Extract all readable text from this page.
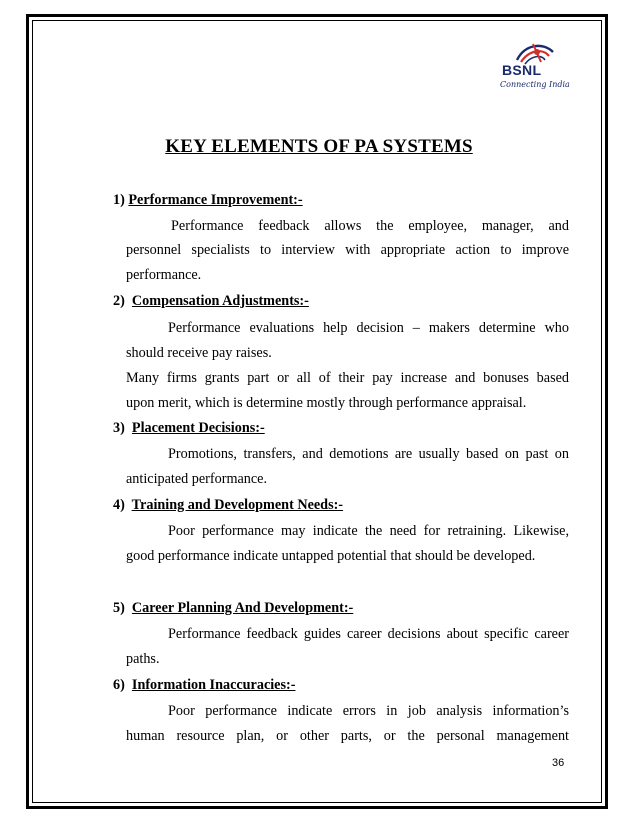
BSNL
Connecting India
KEY ELEMENTS OF PA SYSTEMS
1) Performance Improvement:-
Performance feedback allows the employee, manager, and
personnel specialists to interview with appropriate action to improve
performance.
2) Compensation Adjustments:-
Performance evaluations help decision – makers determine who
should receive pay raises.
Many firms grants part or all of their pay increase and bonuses based
upon merit, which is determine mostly through performance appraisal.
3) Placement Decisions:-
Promotions, transfers, and demotions are usually based on past on
anticipated performance.
4) Training and Development Needs:-
Poor performance may indicate the need for retraining. Likewise,
good performance indicate untapped potential that should be developed.
5) Career Planning And Development:-
Performance feedback guides career decisions about specific career
paths.
6) Information Inaccuracies:-
Poor performance indicate errors in job analysis information’s
human resource plan, or other parts, or the personal management
36
